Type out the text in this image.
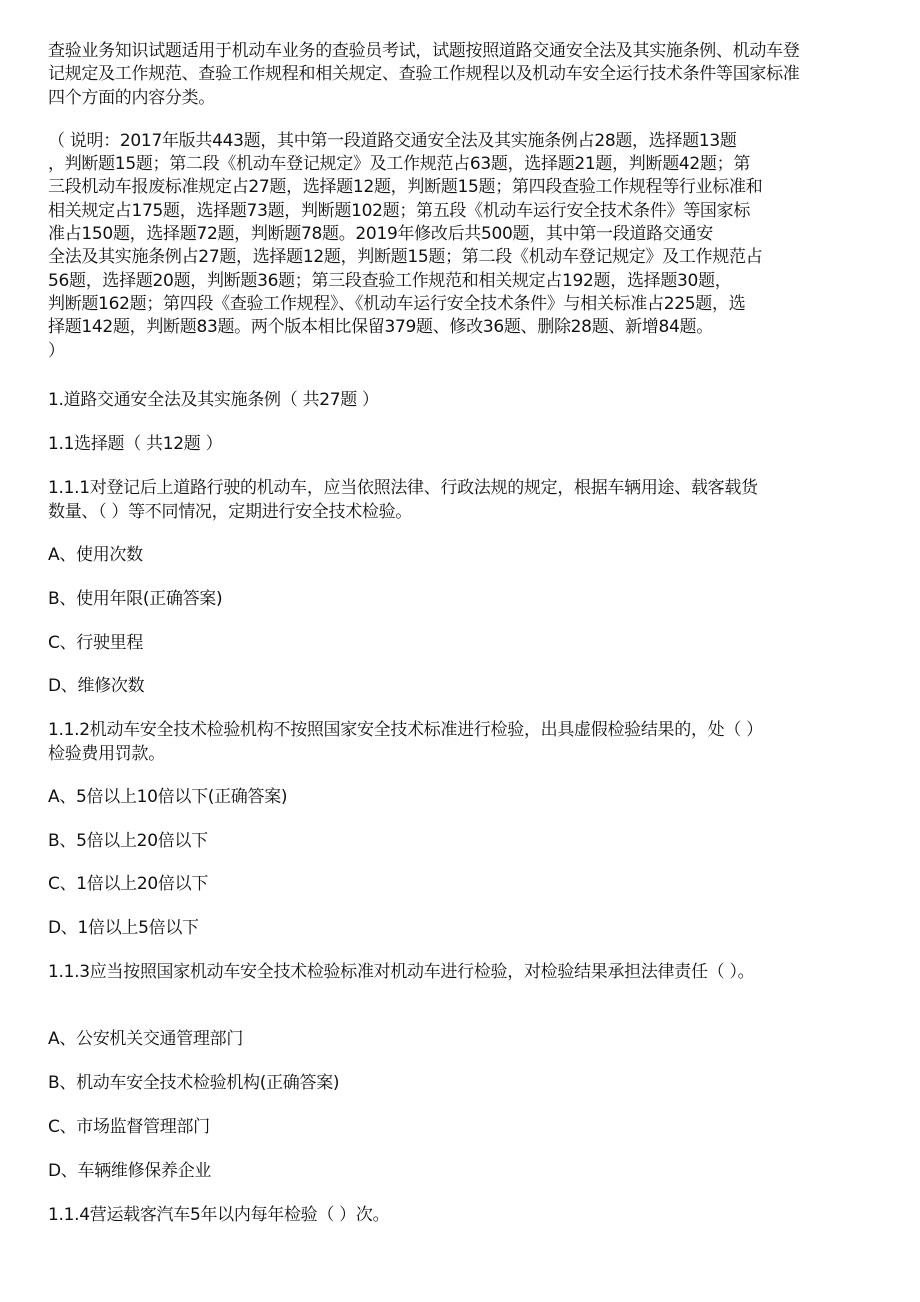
查验业务知识试题适用于机动车业务的查验员考试，试题按照道路交通安全法及其实施条例、机动车登
记规定及工作规范、查验工作规程和相关规定、查验工作规程以及机动车安全运行技术条件等国家标准
四个方面的内容分类。
（ 说明：2017年版共443题，其中第一段道路交通安全法及其实施条例占28题，选择题13题
，判断题15题；第二段《机动车登记规定》及工作规范占63题，选择题21题，判断题42题；第
三段机动车报废标准规定占27题，选择题12题，判断题15题；第四段查验工作规程等行业标准和
相关规定占175题，选择题73题，判断题102题；第五段《机动车运行安全技术条件》等国家标
准占150题，选择题72题，判断题78题。2019年修改后共500题，其中第一段道路交通安
全法及其实施条例占27题，选择题12题，判断题15题；第二段《机动车登记规定》及工作规范占
56题，选择题20题，判断题36题；第三段查验工作规范和相关规定占192题，选择题30题，
判断题162题；第四段《查验工作规程》、《机动车运行安全技术条件》与相关标准占225题，选
择题142题，判断题83题。两个版本相比保留379题、修改36题、删除28题、新增84题。
）
1.道路交通安全法及其实施条例（ 共27题 ）
1.1选择题（ 共12题 ）
1.1.1对登记后上道路行驶的机动车，应当依照法律、行政法规的规定，根据车辆用途、载客载货
数量、（ ）等不同情况，定期进行安全技术检验。
A、使用次数
B、使用年限(正确答案)
C、行驶里程
D、维修次数
1.1.2机动车安全技术检验机构不按照国家安全技术标准进行检验，出具虚假检验结果的，处（ ）
检验费用罚款。
A、5倍以上10倍以下(正确答案)
B、5倍以上20倍以下
C、1倍以上20倍以下
D、1倍以上5倍以下
1.1.3应当按照国家机动车安全技术检验标准对机动车进行检验，对检验结果承担法律责任（ ）。
A、公安机关交通管理部门
B、机动车安全技术检验机构(正确答案)
C、市场监督管理部门
D、车辆维修保养企业
1.1.4营运载客汽车5年以内每年检验（ ）次。
